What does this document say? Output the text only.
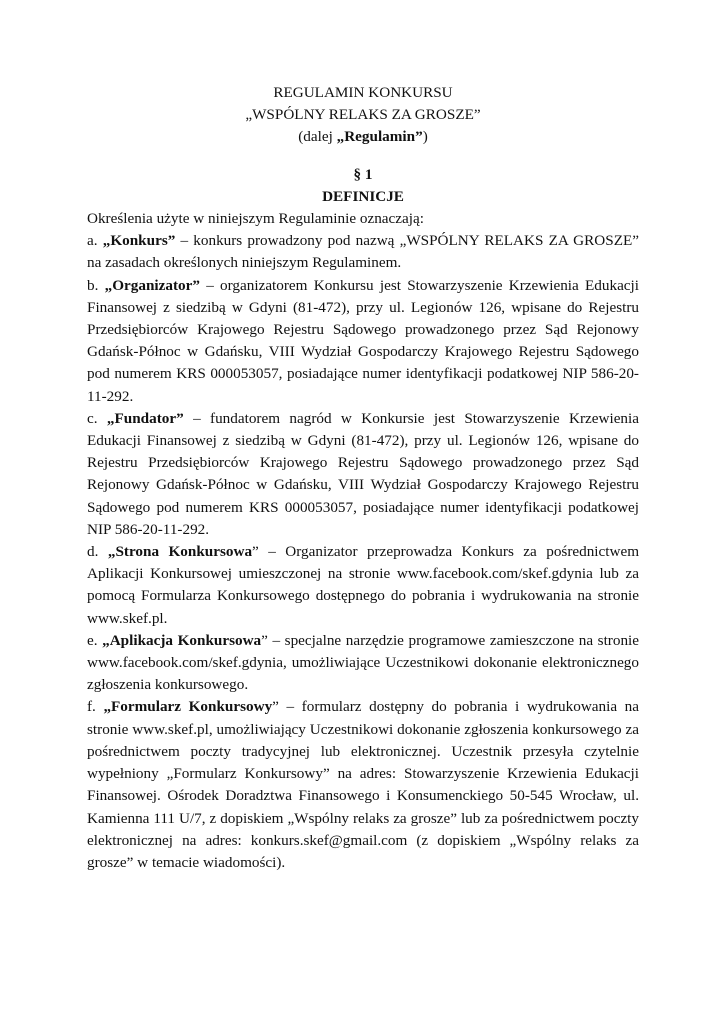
REGULAMIN KONKURSU
„WSPÓLNY RELAKS ZA GROSZE”
(dalej „Regulamin”)
§ 1
DEFINICJE

Określenia użyte w niniejszym Regulaminie oznaczają:

a. „Konkurs” – konkurs prowadzony pod nazwą „WSPÓLNY RELAKS ZA GROSZE” na zasadach określonych niniejszym Regulaminem.

b. „Organizator” – organizatorem Konkursu jest Stowarzyszenie Krzewienia Edukacji Finansowej z siedzibą w Gdyni (81-472), przy ul. Legionów 126, wpisane do Rejestru Przedsiębiorców Krajowego Rejestru Sądowego prowadzonego przez Sąd Rejonowy Gdańsk-Północ w Gdańsku, VIII Wydział Gospodarczy Krajowego Rejestru Sądowego pod numerem KRS 000053057, posiadające numer identyfikacji podatkowej NIP 586-20-11-292.

c. „Fundator” – fundatorem nagród w Konkursie jest Stowarzyszenie Krzewienia Edukacji Finansowej z siedzibą w Gdyni (81-472), przy ul. Legionów 126, wpisane do Rejestru Przedsiębiorców Krajowego Rejestru Sądowego prowadzonego przez Sąd Rejonowy Gdańsk-Północ w Gdańsku, VIII Wydział Gospodarczy Krajowego Rejestru Sądowego pod numerem KRS 000053057, posiadające numer identyfikacji podatkowej NIP 586-20-11-292.

d. „Strona Konkursowa” – Organizator przeprowadza Konkurs za pośrednictwem Aplikacji Konkursowej umieszczonej na stronie www.facebook.com/skef.gdynia lub za pomocą Formularza Konkursowego dostępnego do pobrania i wydrukowania na stronie www.skef.pl.

e. „Aplikacja Konkursowa” – specjalne narzędzie programowe zamieszczone na stronie www.facebook.com/skef.gdynia, umożliwiające Uczestnikowi dokonanie elektronicznego zgłoszenia konkursowego.

f. „Formularz Konkursowy” – formularz dostępny do pobrania i wydrukowania na stronie www.skef.pl, umożliwiający Uczestnikowi dokonanie zgłoszenia konkursowego za pośrednictwem poczty tradycyjnej lub elektronicznej. Uczestnik przesyła czytelnie wypełniony „Formularz Konkursowy” na adres: Stowarzyszenie Krzewienia Edukacji Finansowej. Ośrodek Doradztwa Finansowego i Konsumenckiego 50-545 Wrocław, ul. Kamienna 111 U/7, z dopiskiem „Wspólny relaks za grosze” lub za pośrednictwem poczty elektronicznej na adres: konkurs.skef@gmail.com (z dopiskiem „Wspólny relaks za grosze” w temacie wiadomości).
